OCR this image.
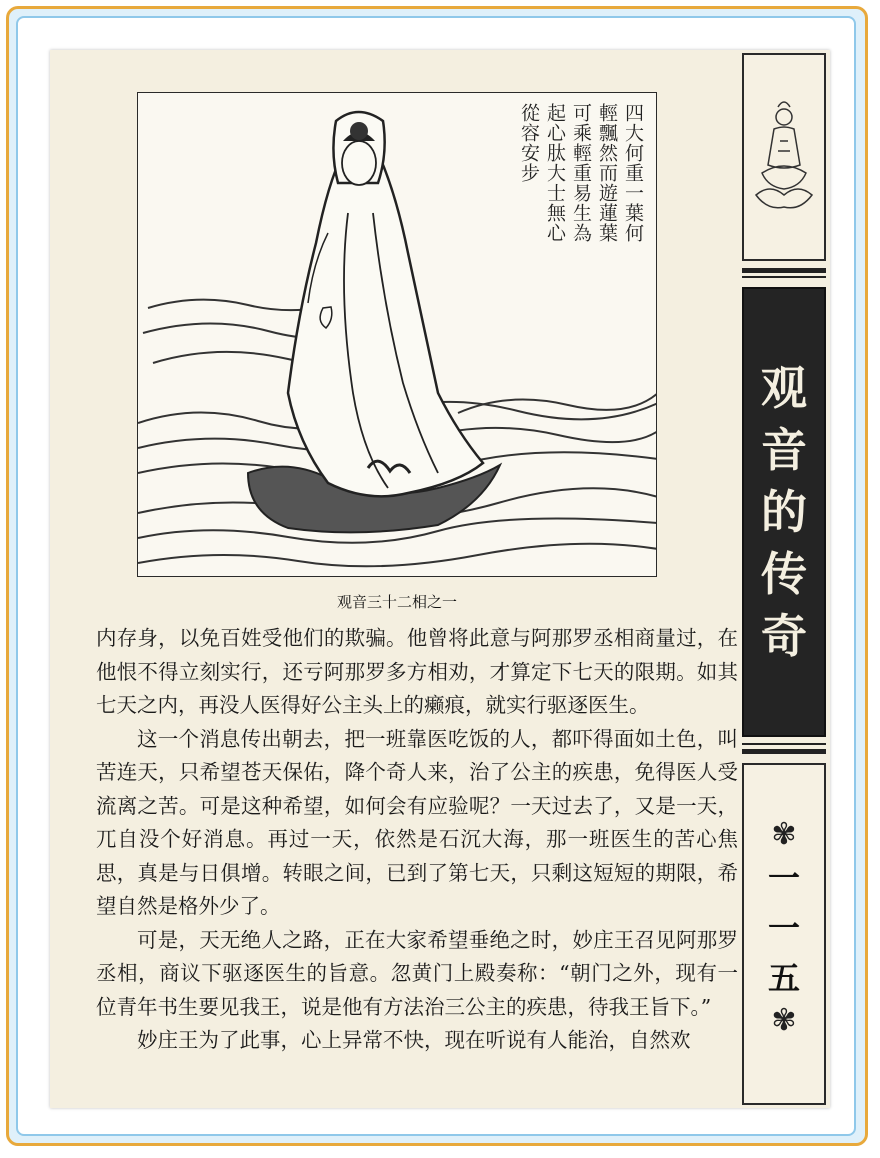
四大何重一葉何
輕飄然而遊蓮葉
可乘輕重易生為
起心肽大士無心
從容安步
观音三十二相之一

内存身，以免百姓受他们的欺骗。他曾将此意与阿那罗丞相商量过，在他恨不得立刻实行，还亏阿那罗多方相劝，才算定下七天的限期。如其七天之内，再没人医得好公主头上的癞痕，就实行驱逐医生。

这一个消息传出朝去，把一班靠医吃饭的人，都吓得面如土色，叫苦连天，只希望苍天保佑，降个奇人来，治了公主的疾患，免得医人受流离之苦。可是这种希望，如何会有应验呢？一天过去了，又是一天，兀自没个好消息。再过一天，依然是石沉大海，那一班医生的苦心焦思，真是与日俱增。转眼之间，已到了第七天，只剩这短短的期限，希望自然是格外少了。

可是，天无绝人之路，正在大家希望垂绝之时，妙庄王召见阿那罗丞相，商议下驱逐医生的旨意。忽黄门上殿奏称：“朝门之外，现有一位青年书生要见我王，说是他有方法治三公主的疾患，待我王旨下。”

妙庄王为了此事，心上异常不快，现在听说有人能治，自然欢

观
音
的
传
奇
✾
一
一
五
✾
